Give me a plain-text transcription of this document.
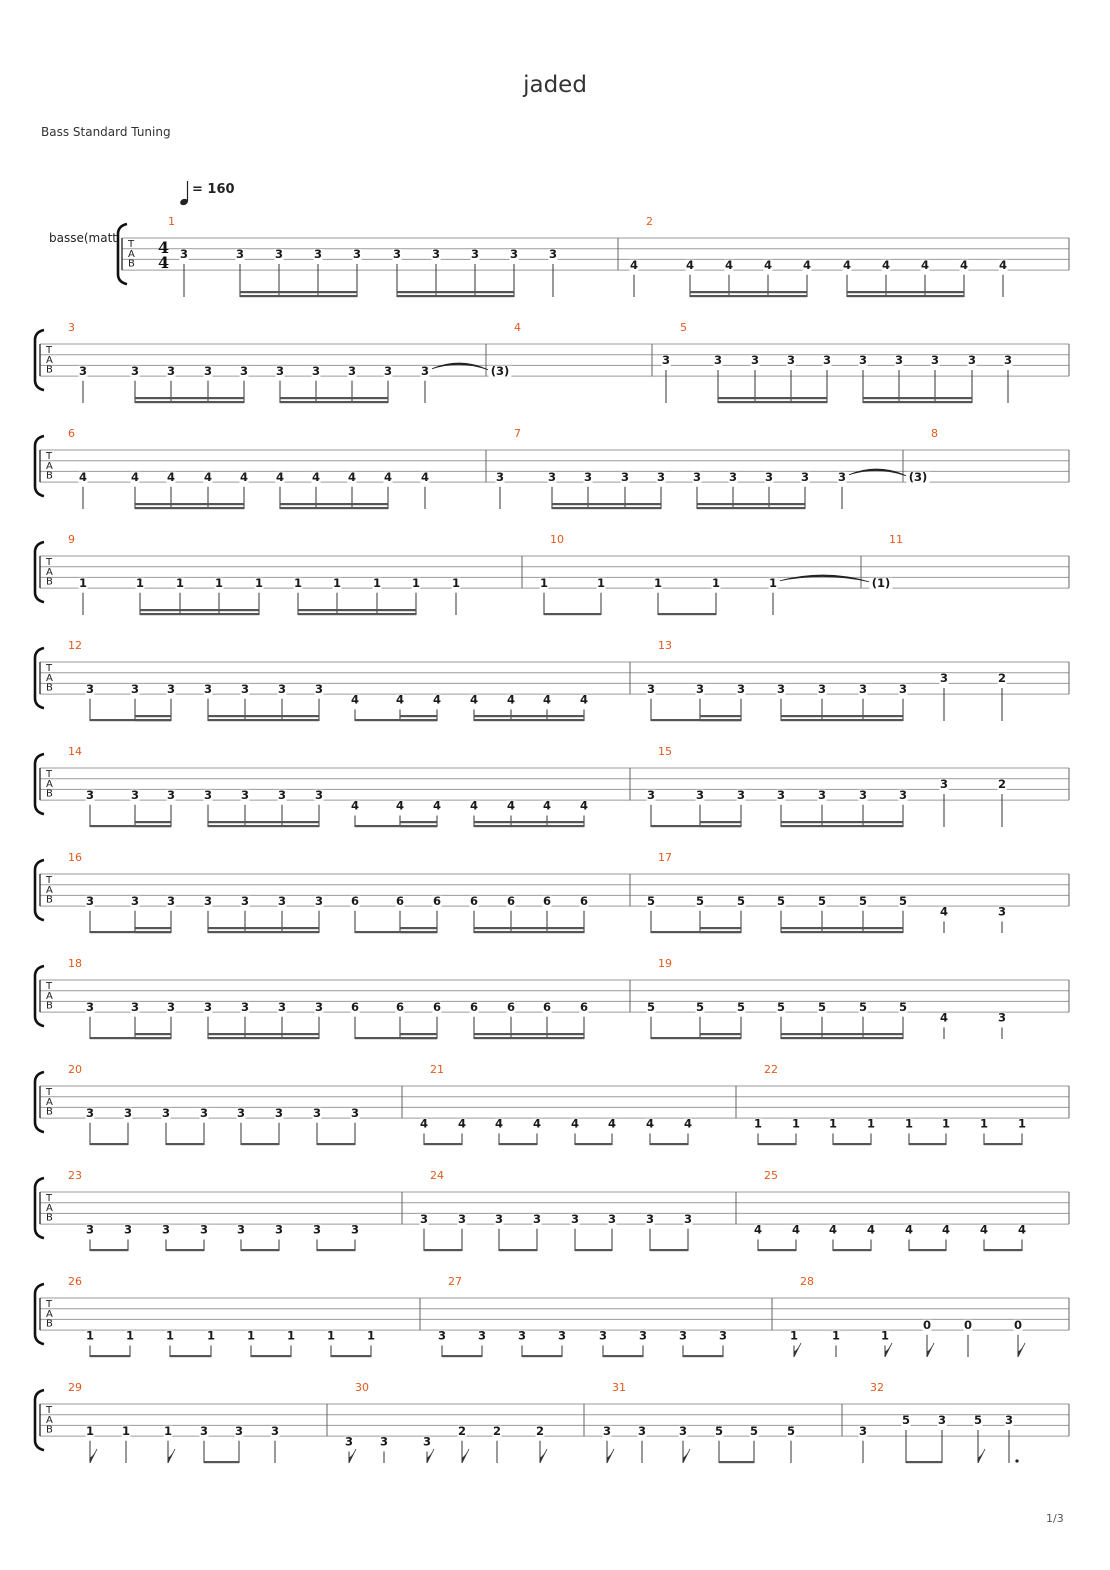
jaded
Bass Standard Tuning
= 160
basse(matt T
A
B
4
4
1
3	3	3	3	3	3	3	3	3	3
2
4	4	4	4	4	4	4	4	4	4
T
A
B
3
3	3 3	3 3 3 3 3 3	3
4
(3)
5
3	3	3 3 3 3 3 3	3 3
T
A
B
6
4	4 4	4 4 4 4 4 4	4
7
3	3 3	3 3 3 3 3 3	3
8
(3)
T
A
B
9
1	1	1	1	1	1	1	1	1	1
10
1	1	1	1	1
11
(1)
T
A
B
12
3	3 3	3	3	3	3
4	4	4	4	4 4	4
13
3	3	3	3	3	3	3
3	2
T
A
B
14
3	3 3	3	3	3	3
4	4	4	4	4 4	4
15
3	3	3	3	3	3	3
3	2
T
A
B
16
3	3 3	3	3	3	3 6	6	6	6	6 6	6
17
5	5	5	5	5	5	5
4	3
T
A
B
18
3	3 3	3	3	3	3 6	6	6	6	6 6	6
19
5	5	5	5	5	5	5
4	3
T
A
B
20
3	3	3	3	3	3	3	3
21
4	4	4	4	4	4	4	4
22
1	1	1	1	1	1	1	1
T
A
B
23
3	3	3	3	3	3	3	3
24
3	3	3	3	3	3	3	3
25
4	4	4	4	4	4	4	4
T
A
B
26
1	1	1	1	1	1	1	1
27
3	3	3	3	3	3	3	3
28
1	1	1
0	0	0
T
A
B
29
1 1	1 3 3 3
30
3 3	3
2 2	2
31
3 3	3 5 5	5
32
3
5 3 5 3
1/3
